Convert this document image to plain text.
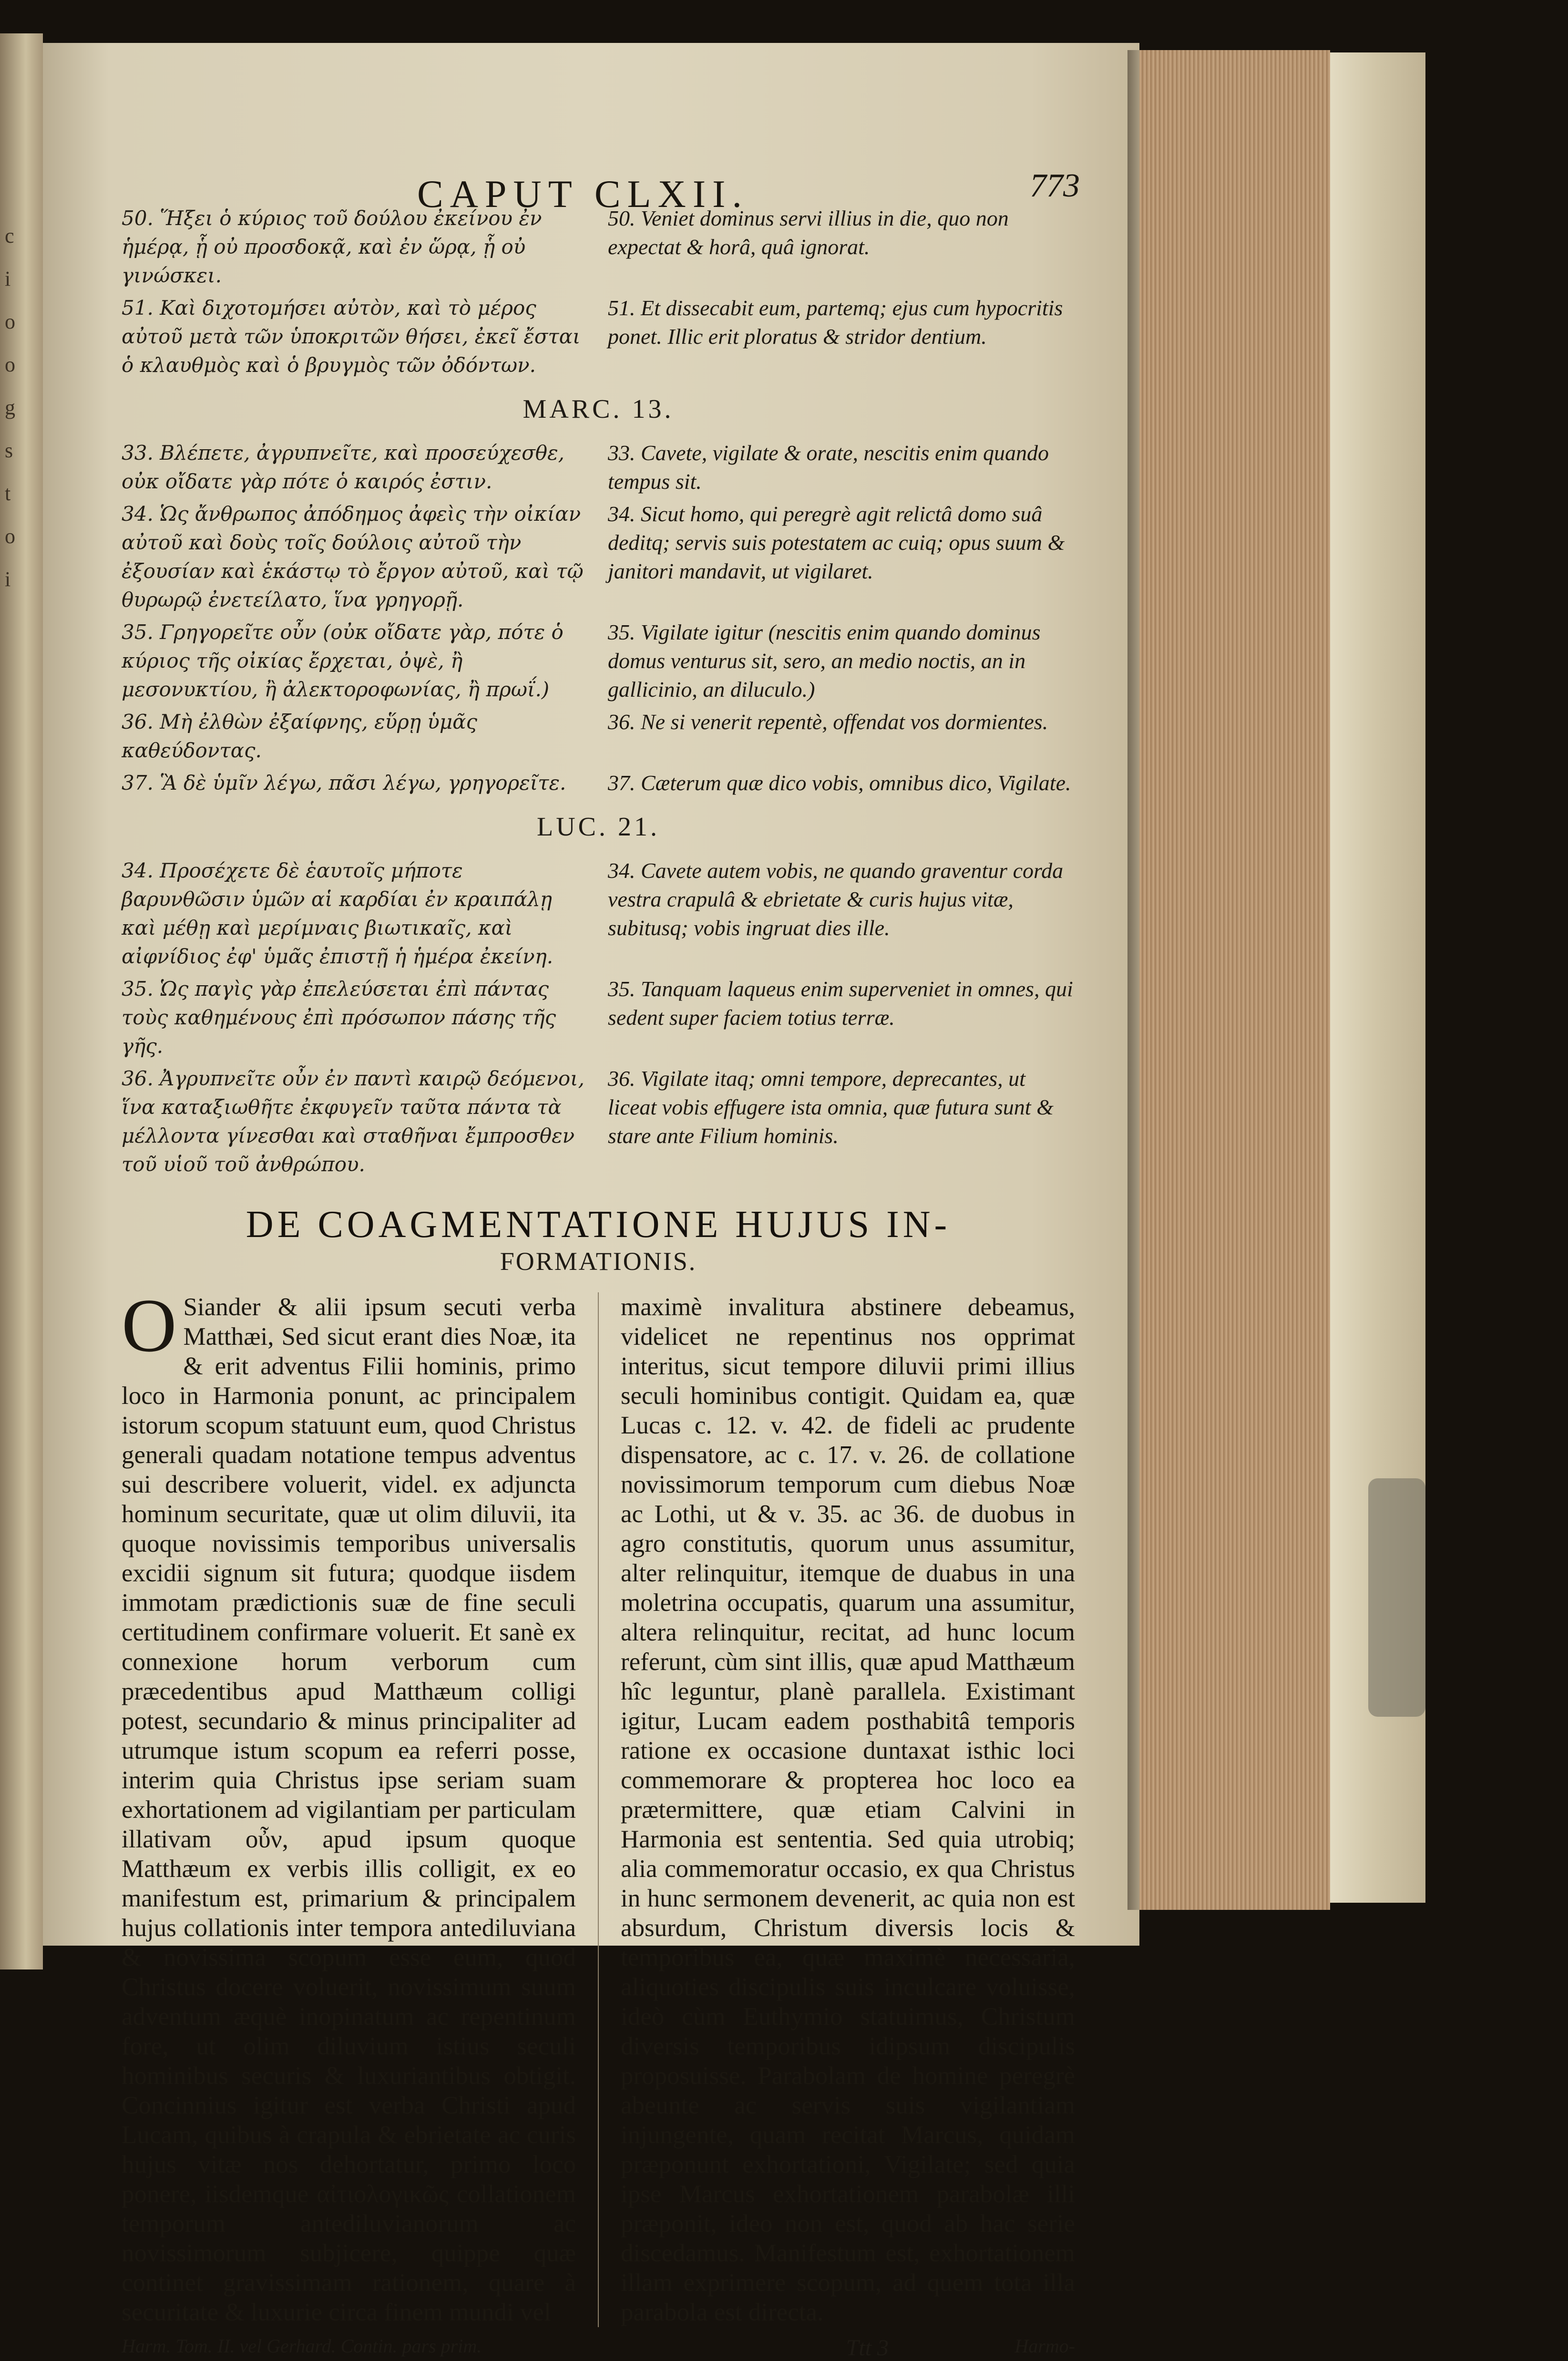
c
i
o
o
g
s
t
o
i
CAPUT CLXII.	773
50. Ἥξει ὁ κύριος τοῦ δούλου ἐκείνου ἐν ἡμέρᾳ, ᾗ οὐ προσδοκᾷ, καὶ ἐν ὥρᾳ, ᾗ οὐ γινώσκει.
50. Veniet dominus servi illius in die, quo non expectat & horâ, quâ ignorat.
51. Καὶ διχοτομήσει αὐτὸν, καὶ τὸ μέρος αὐτοῦ μετὰ τῶν ὑποκριτῶν θήσει, ἐκεῖ ἔσται ὁ κλαυθμὸς καὶ ὁ βρυγμὸς τῶν ὀδόντων.
51. Et dissecabit eum, partemq; ejus cum hypocritis ponet. Illic erit ploratus & stridor dentium.
MARC. 13.
33. Βλέπετε, ἀγρυπνεῖτε, καὶ προσεύχεσθε, οὐκ οἴδατε γὰρ πότε ὁ καιρός ἐστιν.
33. Cavete, vigilate & orate, nescitis enim quando tempus sit.
34. Ὡς ἄνθρωπος ἀπόδημος ἀφεὶς τὴν οἰκίαν αὐτοῦ καὶ δοὺς τοῖς δούλοις αὐτοῦ τὴν ἐξουσίαν καὶ ἑκάστῳ τὸ ἔργον αὐτοῦ, καὶ τῷ θυρωρῷ ἐνετείλατο, ἵνα γρηγορῇ.
34. Sicut homo, qui peregrè agit relictâ domo suâ deditq; servis suis potestatem ac cuiq; opus suum & janitori mandavit, ut vigilaret.
35. Γρηγορεῖτε οὖν (οὐκ οἴδατε γὰρ, πότε ὁ κύριος τῆς οἰκίας ἔρχεται, ὀψὲ, ἢ μεσονυκτίου, ἢ ἀλεκτοροφωνίας, ἢ πρωΐ.)
35. Vigilate igitur (nescitis enim quando dominus domus venturus sit, sero, an medio noctis, an in gallicinio, an diluculo.)
36. Μὴ ἐλθὼν ἐξαίφνης, εὕρῃ ὑμᾶς καθεύδοντας.
36. Ne si venerit repentè, offendat vos dormientes.
37. Ἃ δὲ ὑμῖν λέγω, πᾶσι λέγω, γρηγορεῖτε.	37. Cæterum quæ dico vobis, omnibus dico, Vigilate.
LUC. 21.
34. Προσέχετε δὲ ἑαυτοῖς μήποτε βαρυνθῶσιν ὑμῶν αἱ καρδίαι ἐν κραιπάλῃ καὶ μέθῃ καὶ μερίμναις βιωτικαῖς, καὶ αἰφνίδιος ἐφ' ὑμᾶς ἐπιστῇ ἡ ἡμέρα ἐκείνη.
34. Cavete autem vobis, ne quando graventur corda vestra crapulâ & ebrietate & curis hujus vitæ, subitusq; vobis ingruat dies ille.
35. Ὡς παγὶς γὰρ ἐπελεύσεται ἐπὶ πάντας τοὺς καθημένους ἐπὶ πρόσωπον πάσης τῆς γῆς.
35. Tanquam laqueus enim superveniet in omnes, qui sedent super faciem totius terræ.
36. Ἀγρυπνεῖτε οὖν ἐν παντὶ καιρῷ δεόμενοι, ἵνα καταξιωθῆτε ἐκφυγεῖν ταῦτα πάντα τὰ μέλλοντα γίνεσθαι καὶ σταθῆναι ἔμπροσθεν τοῦ υἱοῦ τοῦ ἀνθρώπου.
36. Vigilate itaq; omni tempore, deprecantes, ut liceat vobis effugere ista omnia, quæ futura sunt & stare ante Filium hominis.
DE COAGMENTATIONE HUJUS IN-
FORMATIONIS.

O Siander & alii ipsum secuti verba Matthæi, Sed sicut erant dies Noæ, ita & erit adventus Filii hominis, primo loco in Harmonia ponunt, ac principalem istorum scopum statuunt eum, quod Christus generali quadam notatione tempus adventus sui describere voluerit, videl. ex adjuncta hominum securitate, quæ ut olim diluvii, ita quoque novissimis temporibus universalis excidii signum sit futura; quodque iisdem immotam prædictionis suæ de fine seculi certitudinem confirmare voluerit. Et sanè ex connexione horum verborum cum præcedentibus apud Matthæum colligi potest, secundario & minus principaliter ad utrumque istum scopum ea referri posse, interim quia Christus ipse seriam suam exhortationem ad vigilantiam per particulam illativam οὖν, apud ipsum quoque Matthæum ex verbis illis colligit, ex eo manifestum est, primarium & principalem hujus collationis inter tempora antediluviana & novissima scopum esse eum, quod Christus docere voluerit, novissimum suum adventum æquè inopinatum ac repentinum fore, ut olim diluvium istius seculi hominibus securis & luxuriantibus obtigit. Concinnius igitur est verba Christi apud Lucam, quibus à crapula & ebrietate ac curis hujus vitæ nos dehortatur, primo loco ponere, iisdemque αἰτιολογικῶς collationem temporum antediluvianorum ac novissimorum subjicere, quippe quæ continet gravissimam rationem, quare à securitate & luxurie circa finem mundi vel

maximè invalitura abstinere debeamus, videlicet ne repentinus nos opprimat interitus, sicut tempore diluvii primi illius seculi hominibus contigit. Quidam ea, quæ Lucas c. 12. v. 42. de fideli ac prudente dispensatore, ac c. 17. v. 26. de collatione novissimorum temporum cum diebus Noæ ac Lothi, ut & v. 35. ac 36. de duobus in agro constitutis, quorum unus assumitur, alter relinquitur, itemque de duabus in una moletrina occupatis, quarum una assumitur, altera relinquitur, recitat, ad hunc locum referunt, cùm sint illis, quæ apud Matthæum hîc leguntur, planè parallela. Existimant igitur, Lucam eadem posthabitâ temporis ratione ex occasione duntaxat isthic loci commemorare & propterea hoc loco ea prætermittere, quæ etiam Calvini in Harmonia est sententia. Sed quia utrobiq; alia commemoratur occasio, ex qua Christus in hunc sermonem devenerit, ac quia non est absurdum, Christum diversis locis & temporibus ea, quæ maximè necessaria, aliquoties discipulis suis inculcare voluisse, ideò cùm Euthymio statuimus, Christum diversis temporibus idipsum discipulis proposuisse. Parabolam de homine peregrè abeunte ac servis suis vigilantiam injungente, quam recitat Marcus, quidam præponunt exhortationi, Vigilate; sed quia ipse Marcus exhortationem parabolæ illi præponit, ideo non est, quod ab hac serie discedamus. Manifestum est, exhortationem illam exprimere scopum, ad quem tota illa parabola est directa.

Harm. Tom. II. vel Gerhard. Contin. pars prim.	Ttt 3	Harmo-
